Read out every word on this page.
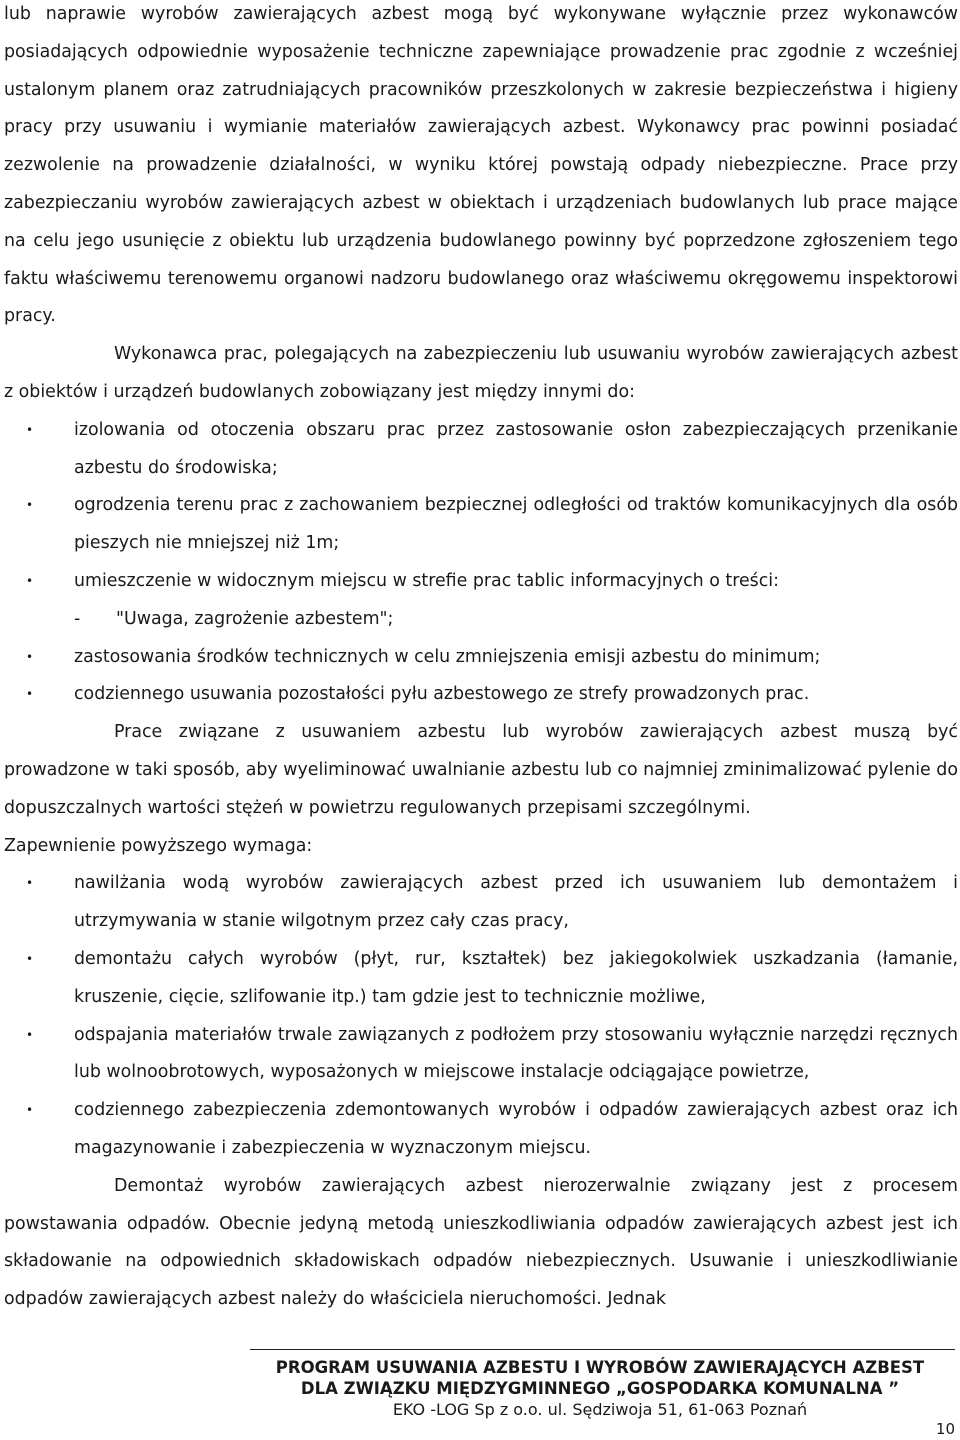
lub naprawie wyrobów zawierających azbest mogą być wykonywane wyłącznie przez wykonawców posiadających odpowiednie wyposażenie techniczne zapewniające prowadzenie prac zgodnie z wcześniej ustalonym planem oraz zatrudniających pracowników przeszkolonych w zakresie bezpieczeństwa i higieny pracy przy usuwaniu i wymianie materiałów zawierających azbest. Wykonawcy prac powinni posiadać zezwolenie na prowadzenie działalności, w wyniku której powstają odpady niebezpieczne. Prace przy zabezpieczaniu wyrobów zawierających azbest w obiektach i urządzeniach budowlanych lub prace mające na celu jego usunięcie z obiektu lub urządzenia budowlanego powinny być poprzedzone zgłoszeniem tego faktu właściwemu terenowemu organowi nadzoru budowlanego oraz właściwemu okręgowemu inspektorowi pracy.

Wykonawca prac, polegających na zabezpieczeniu lub usuwaniu wyrobów zawierających azbest z obiektów i urządzeń budowlanych zobowiązany jest między innymi do:

• izolowania od otoczenia obszaru prac przez zastosowanie osłon zabezpieczających przenikanie azbestu do środowiska;
• ogrodzenia terenu prac z zachowaniem bezpiecznej odległości od traktów komunikacyjnych dla osób pieszych nie mniejszej niż 1m;
• umieszczenie w widocznym miejscu w strefie prac tablic informacyjnych o treści:
- "Uwaga, zagrożenie azbestem";
• zastosowania środków technicznych w celu zmniejszenia emisji azbestu do minimum;
• codziennego usuwania pozostałości pyłu azbestowego ze strefy prowadzonych prac.

Prace związane z usuwaniem azbestu lub wyrobów zawierających azbest muszą być prowadzone w taki sposób, aby wyeliminować uwalnianie azbestu lub co najmniej zminimalizować pylenie do dopuszczalnych wartości stężeń w powietrzu regulowanych przepisami szczególnymi.

Zapewnienie powyższego wymaga:

• nawilżania wodą wyrobów zawierających azbest przed ich usuwaniem lub demontażem i utrzymywania w stanie wilgotnym przez cały czas pracy,
• demontażu całych wyrobów (płyt, rur, kształtek) bez jakiegokolwiek uszkadzania (łamanie, kruszenie, cięcie, szlifowanie itp.) tam gdzie jest to technicznie możliwe,
• odspajania materiałów trwale zawiązanych z podłożem przy stosowaniu wyłącznie narzędzi ręcznych lub wolnoobrotowych, wyposażonych w miejscowe instalacje odciągające powietrze,
• codziennego zabezpieczenia zdemontowanych wyrobów i odpadów zawierających azbest oraz ich magazynowanie i zabezpieczenia w wyznaczonym miejscu.

Demontaż wyrobów zawierających azbest nierozerwalnie związany jest z procesem powstawania odpadów. Obecnie jedyną metodą unieszkodliwiania odpadów zawierających azbest jest ich składowanie na odpowiednich składowiskach odpadów niebezpiecznych. Usuwanie i unieszkodliwianie odpadów zawierających azbest należy do właściciela nieruchomości. Jednak

PROGRAM USUWANIA AZBESTU I WYROBÓW ZAWIERAJĄCYCH AZBEST
DLA ZWIĄZKU MIĘDZYGMINNEGO „GOSPODARKA KOMUNALNA ”
EKO -LOG Sp z o.o. ul. Sędziwoja 51, 61-063 Poznań
10
